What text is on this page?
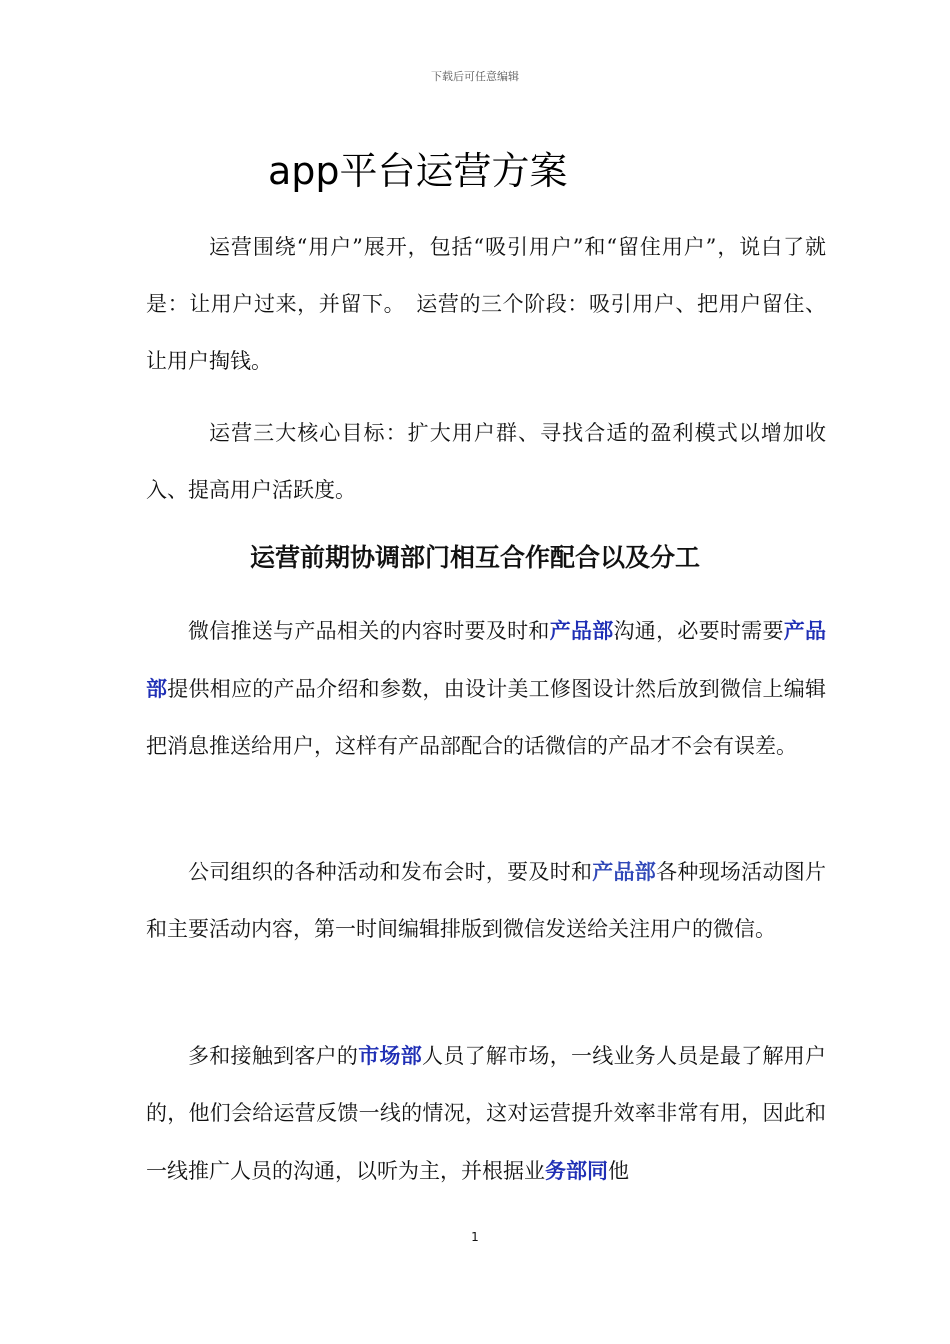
下载后可任意编辑
app平台运营方案

运营围绕“用户”展开，包括“吸引用户”和“留住用户”，说白了就是：让用户过来，并留下。　运营的三个阶段：吸引用户、把用户留住、让用户掏钱。

运营三大核心目标：扩大用户群、寻找合适的盈利模式以增加收入、提高用户活跃度。

运营前期协调部门相互合作配合以及分工

微信推送与产品相关的内容时要及时和产品部沟通，必要时需要产品部提供相应的产品介绍和参数，由设计美工修图设计然后放到微信上编辑把消息推送给用户，这样有产品部配合的话微信的产品才不会有误差。

公司组织的各种活动和发布会时，要及时和产品部各种现场活动图片和主要活动内容，第一时间编辑排版到微信发送给关注用户的微信。

多和接触到客户的市场部人员了解市场，一线业务人员是最了解用户的，他们会给运营反馈一线的情况，这对运营提升效率非常有用，因此和一线推广人员的沟通，以听为主，并根据业务部同他

1
